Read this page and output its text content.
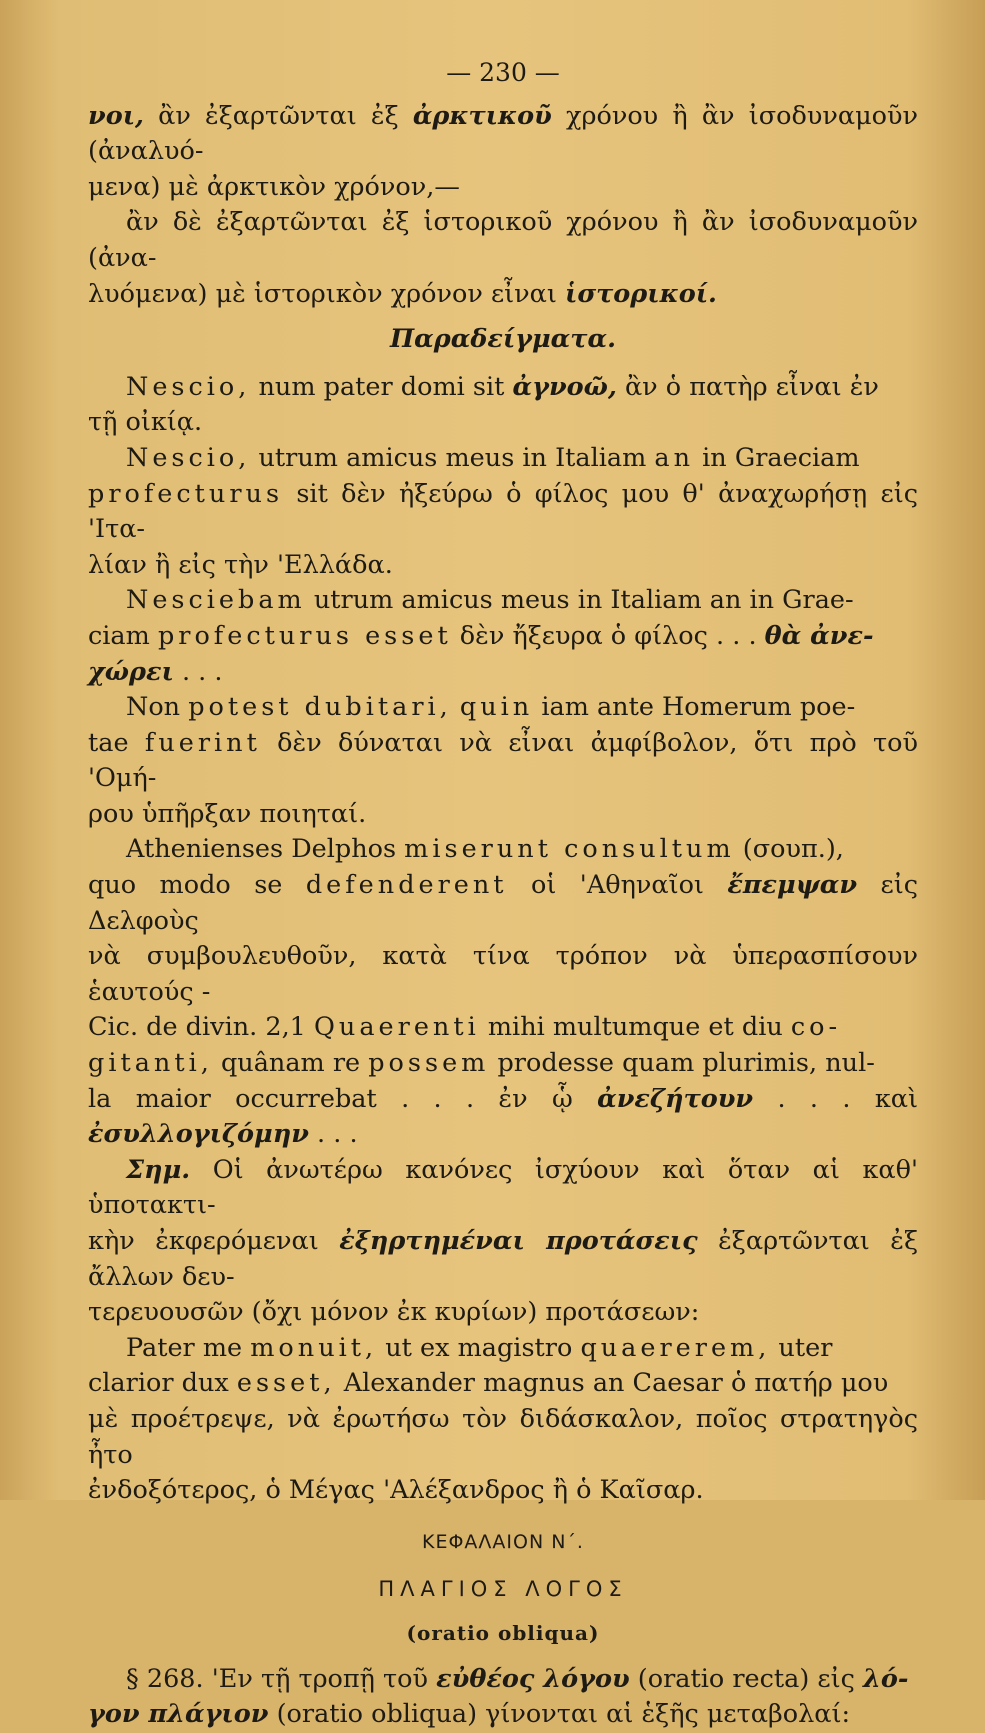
— 230 —

νοι, ἂν ἐξαρτῶνται ἐξ ἀρκτικοῦ χρόνου ἢ ἂν ἰσοδυναμοῦν (ἀναλυό-
μενα) μὲ ἀρκτικὸν χρόνον,—

ἂν δὲ ἐξαρτῶνται ἐξ ἱστορικοῦ χρόνου ἢ ἂν ἰσοδυναμοῦν (ἀνα-
λυόμενα) μὲ ἱστορικὸν χρόνον εἶναι ἱστορικοί.

Παραδείγματα.

Nescio, num pater domi sit ἀγνοῶ, ἂν ὁ πατὴρ εἶναι ἐν
τῇ οἰκίᾳ.

Nescio, utrum amicus meus in Italiam an in Graeciam
profecturus sit δὲν ἠξεύρω ὁ φίλος μου θ' ἀναχωρήσῃ εἰς 'Ιτα-
λίαν ἢ εἰς τὴν 'Ελλάδα.

Nesciebam utrum amicus meus in Italiam an in Grae-
ciam profecturus esset δὲν ἤξευρα ὁ φίλος . . . θὰ ἀνε-
χώρει . . .

Non potest dubitari, quin iam ante Homerum poe-
tae fuerint δὲν δύναται νὰ εἶναι ἀμφίβολον, ὅτι πρὸ τοῦ 'Ομή-
ρου ὑπῆρξαν ποιηταί.

Athenienses Delphos miserunt consultum (σουπ.),
quo modo se defenderent οἱ 'Αθηναῖοι ἔπεμψαν εἰς Δελφοὺς
νὰ συμβουλευθοῦν, κατὰ τίνα τρόπον νὰ ὑπερασπίσουν ἑαυτούς -
Cic. de divin. 2,1 Quaerenti mihi multumque et diu co-
gitanti, quânam re possem prodesse quam plurimis, nul-
la maior occurrebat . . . ἐν ᾧ ἀνεζήτουν . . . καὶ ἐσυλλογιζόμην . . .

Σημ. Οἱ ἀνωτέρω κανόνες ἰσχύουν καὶ ὅταν αἱ καθ' ὑποτακτι-
κὴν ἐκφερόμεναι ἐξηρτημέναι προτάσεις ἐξαρτῶνται ἐξ ἄλλων δευ-
τερευουσῶν (ὄχι μόνον ἐκ κυρίων) προτάσεων:

Pater me monuit, ut ex magistro quaererem, uter
clarior dux esset, Alexander magnus an Caesar ὁ πατήρ μου
μὲ προέτρεψε, νὰ ἐρωτήσω τὸν διδάσκαλον, ποῖος στρατηγὸς ἦτο
ἐνδοξότερος, ὁ Μέγας 'Αλέξανδρος ἢ ὁ Καῖσαρ.

ΚΕΦΑΛΑΙΟΝ Ν΄.
ΠΛΑΓΙΟΣ ΛΟΓΟΣ
(oratio obliqua)

§ 268. 'Εν τῇ τροπῇ τοῦ εὐθέος λόγου (oratio recta) εἰς λό-
γον πλάγιον (oratio obliqua) γίνονται αἱ ἑξῆς μεταβολαί:
